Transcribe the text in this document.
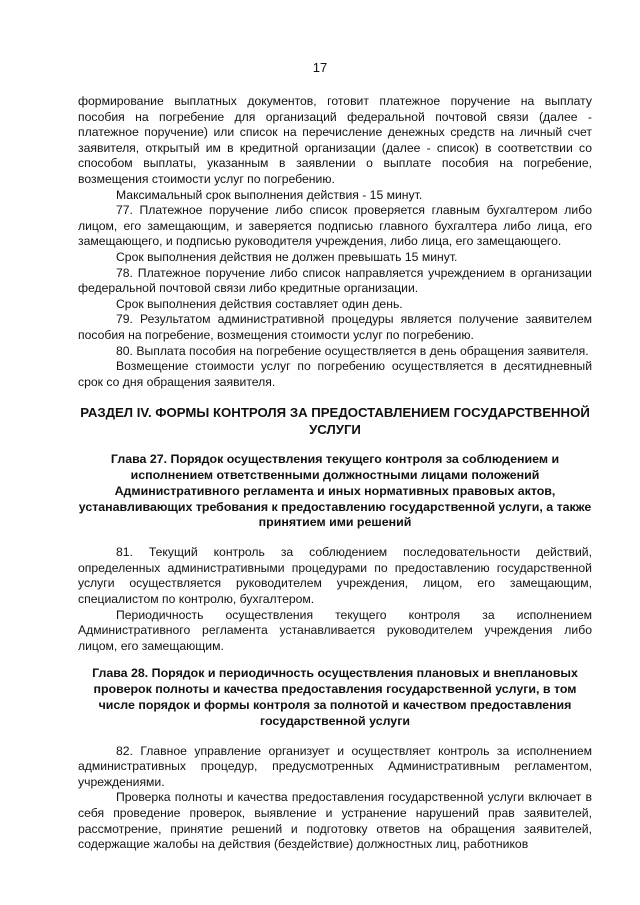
17

формирование выплатных документов, готовит платежное поручение на выплату пособия на погребение для организаций федеральной почтовой связи (далее - платежное поручение) или список на перечисление денежных средств на личный счет заявителя, открытый им в кредитной организации (далее - список) в соответствии со способом выплаты, указанным в заявлении о выплате пособия на погребение, возмещения стоимости услуг по погребению.

Максимальный срок выполнения действия - 15 минут.

77. Платежное поручение либо список проверяется главным бухгалтером либо лицом, его замещающим, и заверяется подписью главного бухгалтера либо лица, его замещающего, и подписью руководителя учреждения, либо лица, его замещающего.

Срок выполнения действия не должен превышать 15 минут.

78. Платежное поручение либо список направляется учреждением в организации федеральной почтовой связи либо кредитные организации.

Срок выполнения действия составляет один день.

79. Результатом административной процедуры является получение заявителем пособия на погребение, возмещения стоимости услуг по погребению.

80. Выплата пособия на погребение осуществляется в день обращения заявителя.

Возмещение стоимости услуг по погребению осуществляется в десятидневный срок со дня обращения заявителя.

РАЗДЕЛ IV. ФОРМЫ КОНТРОЛЯ ЗА ПРЕДОСТАВЛЕНИЕМ ГОСУДАРСТВЕННОЙ УСЛУГИ

Глава 27. Порядок осуществления текущего контроля за соблюдением и исполнением ответственными должностными лицами положений Административного регламента и иных нормативных правовых актов, устанавливающих требования к предоставлению государственной услуги, а также принятием ими решений

81. Текущий контроль за соблюдением последовательности действий, определенных административными процедурами по предоставлению государственной услуги осуществляется руководителем учреждения, лицом, его замещающим, специалистом по контролю, бухгалтером.

Периодичность осуществления текущего контроля за исполнением Административного регламента устанавливается руководителем учреждения либо лицом, его замещающим.

Глава 28. Порядок и периодичность осуществления плановых и внеплановых проверок полноты и качества предоставления государственной услуги, в том числе порядок и формы контроля за полнотой и качеством предоставления государственной услуги

82. Главное управление организует и осуществляет контроль за исполнением административных процедур, предусмотренных Административным регламентом, учреждениями.

Проверка полноты и качества предоставления государственной услуги включает в себя проведение проверок, выявление и устранение нарушений прав заявителей, рассмотрение, принятие решений и подготовку ответов на обращения заявителей, содержащие жалобы на действия (бездействие) должностных лиц, работников
